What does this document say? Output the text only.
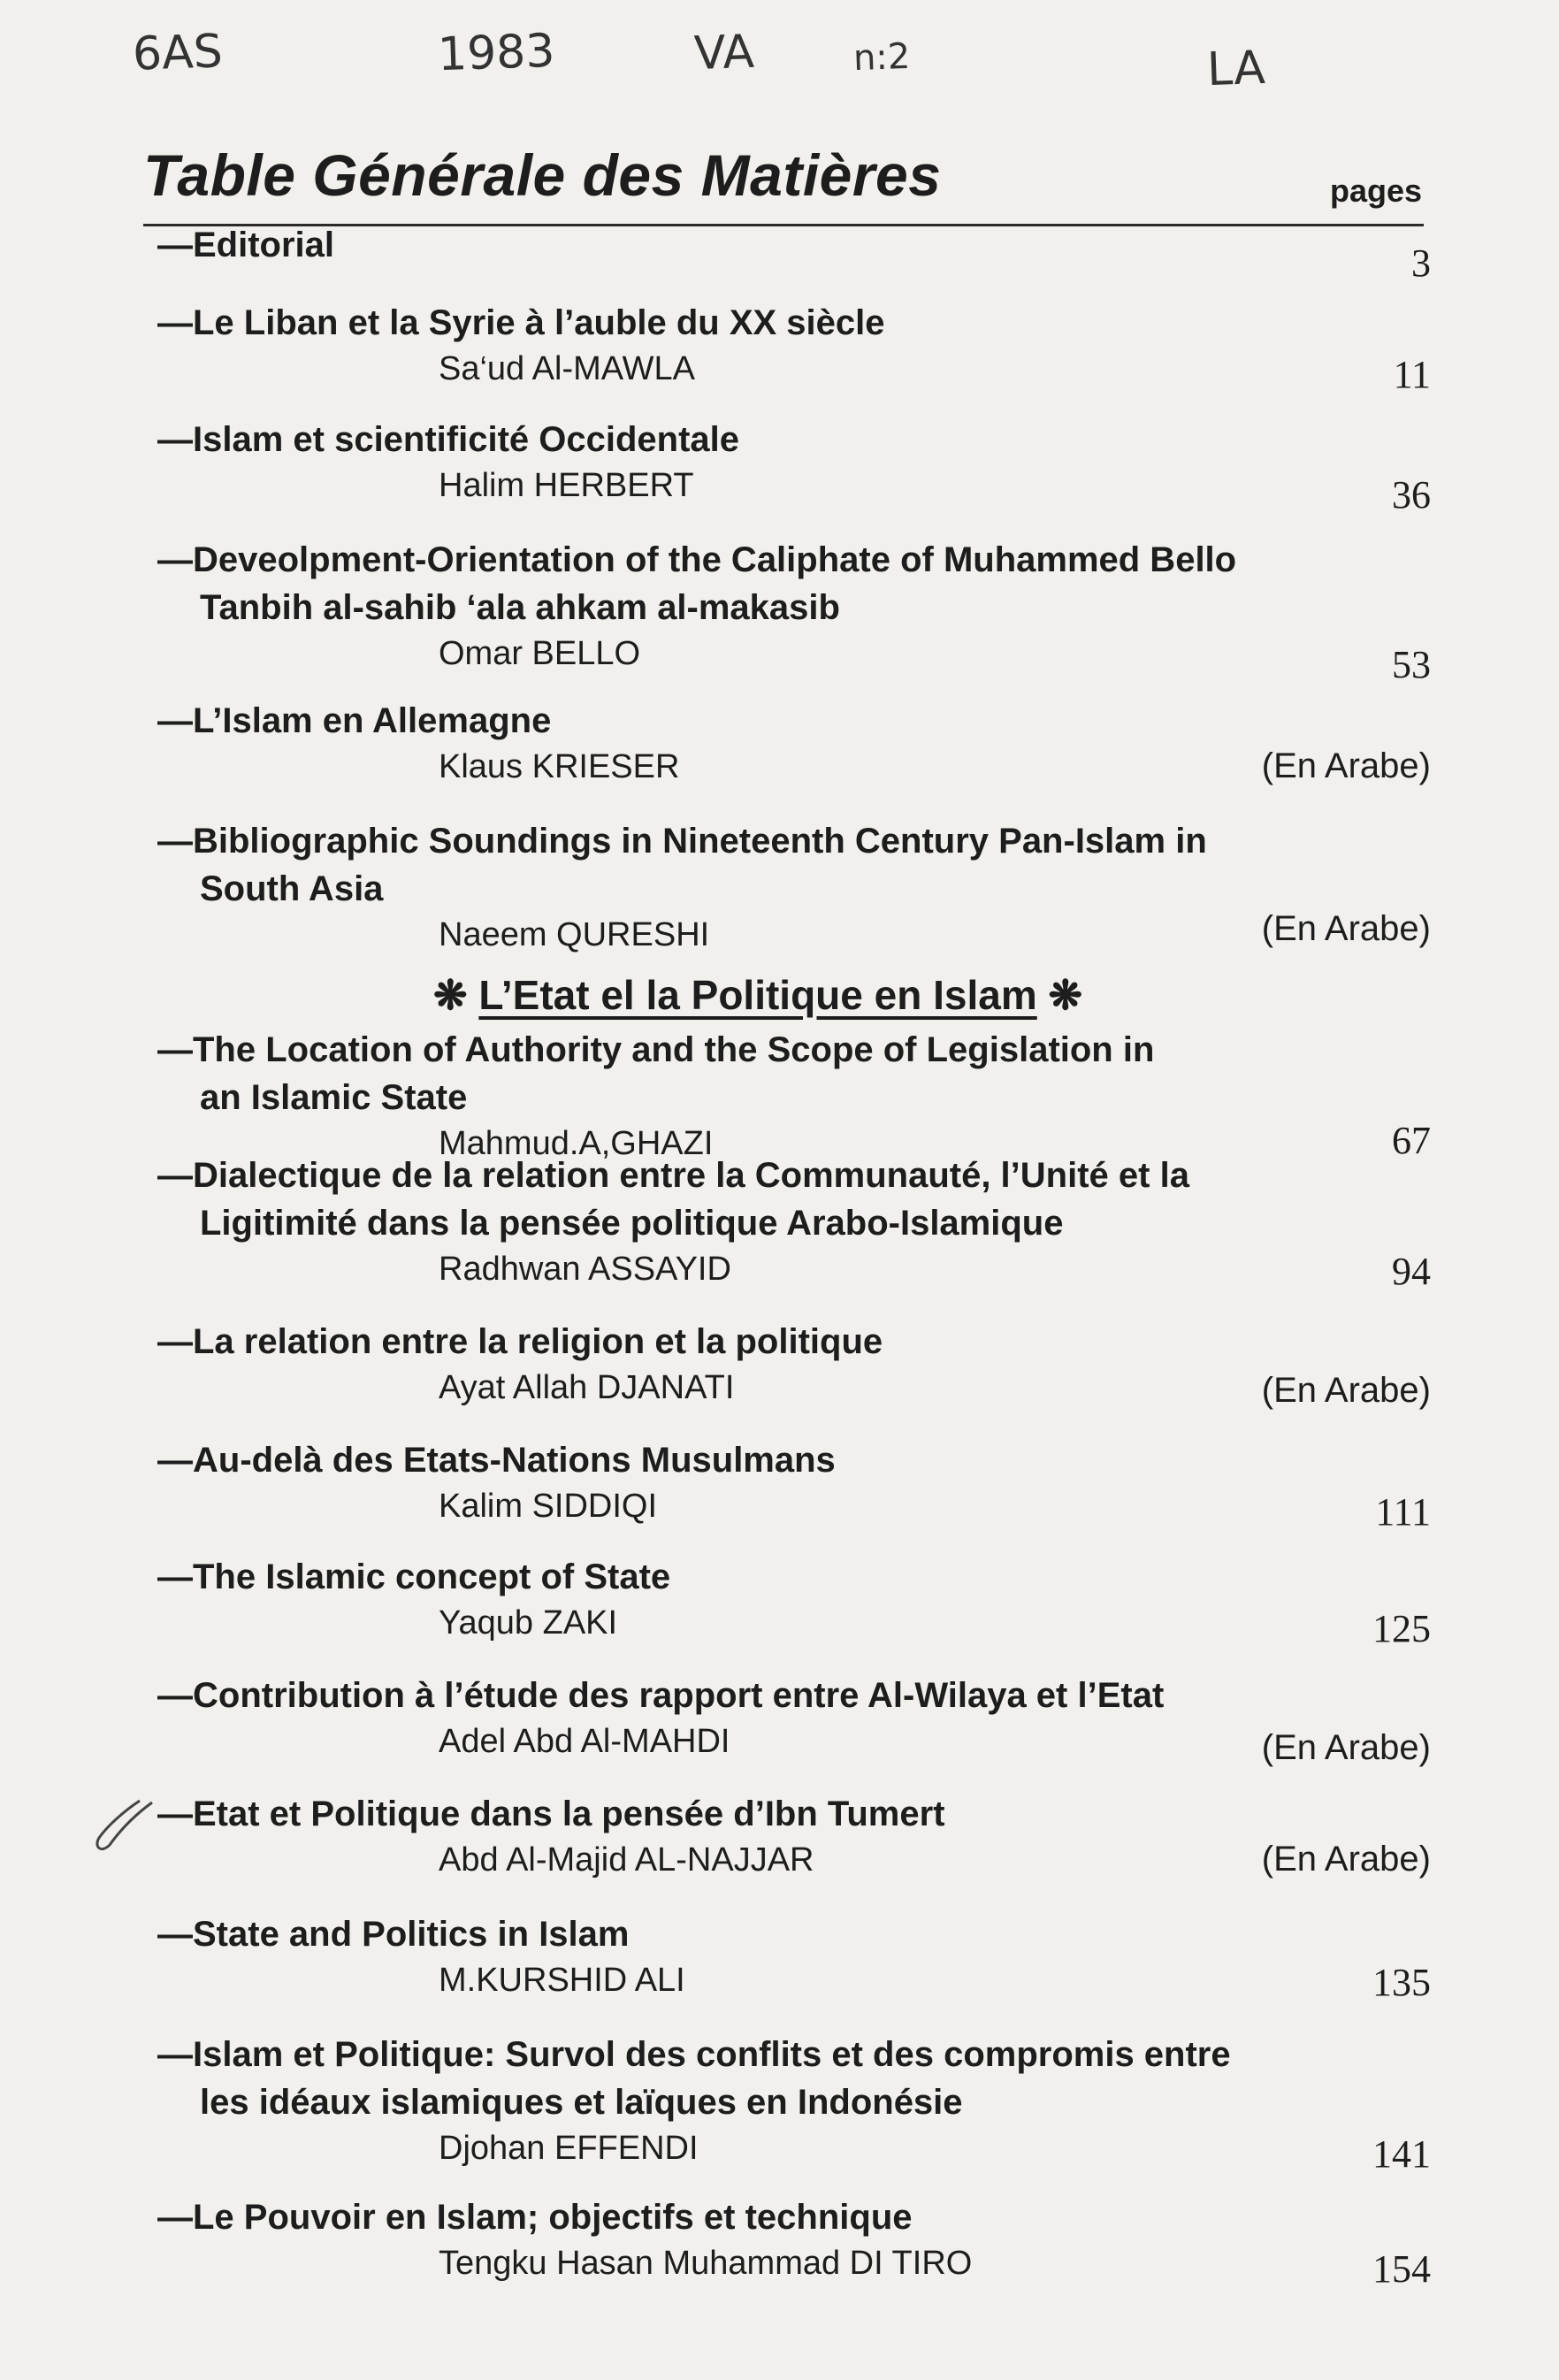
6AS	1983	VA	n:2	LA
Table Générale des Matières	pages
—Editorial	3
—Le Liban et la Syrie à l’auble du XX siècle
Sa‘ud Al-MAWLA	11
—Islam et scientificité Occidentale
Halim HERBERT	36
—Deveolpment-Orientation of the Caliphate of Muhammed Bello
Tanbih al-sahib ‘ala ahkam al-makasib
Omar BELLO	53
—L’Islam en Allemagne
Klaus KRIESER	(En Arabe)
—Bibliographic Soundings in Nineteenth Century Pan-Islam in
South Asia
Naeem QURESHI	(En Arabe)
❋ L’Etat el la Politique en Islam ❋
—The Location of Authority and the Scope of Legislation in
an Islamic State
Mahmud.A,GHAZI	67
—Dialectique de la relation entre la Communauté, l’Unité et la
Ligitimité dans la pensée politique Arabo-Islamique
Radhwan ASSAYID	94
—La relation entre la religion et la politique
Ayat Allah DJANATI	(En Arabe)
—Au-delà des Etats-Nations Musulmans
Kalim SIDDIQI	111
—The Islamic concept of State
Yaqub ZAKI	125
—Contribution à l’étude des rapport entre Al-Wilaya et l’Etat
Adel Abd Al-MAHDI	(En Arabe)
—Etat et Politique dans la pensée d’Ibn Tumert
Abd Al-Majid AL-NAJJAR	(En Arabe)
—State and Politics in Islam
M.KURSHID ALI	135
—Islam et Politique: Survol des conflits et des compromis entre
les idéaux islamiques et laïques en Indonésie
Djohan EFFENDI	141
—Le Pouvoir en Islam; objectifs et technique
Tengku Hasan Muhammad DI TIRO	154
